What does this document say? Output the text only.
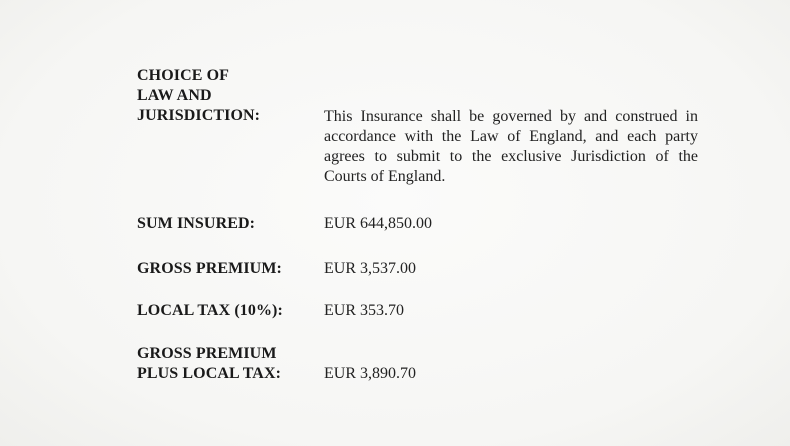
CHOICE OF
LAW AND
JURISDICTION:	This Insurance shall be governed by and construed in accordance with the Law of England, and each party agrees to submit to the exclusive Jurisdiction of the Courts of England.
SUM INSURED:	EUR 644,850.00
GROSS PREMIUM:	EUR 3,537.00
LOCAL TAX (10%):	EUR 353.70
GROSS PREMIUM
PLUS LOCAL TAX:	EUR 3,890.70
